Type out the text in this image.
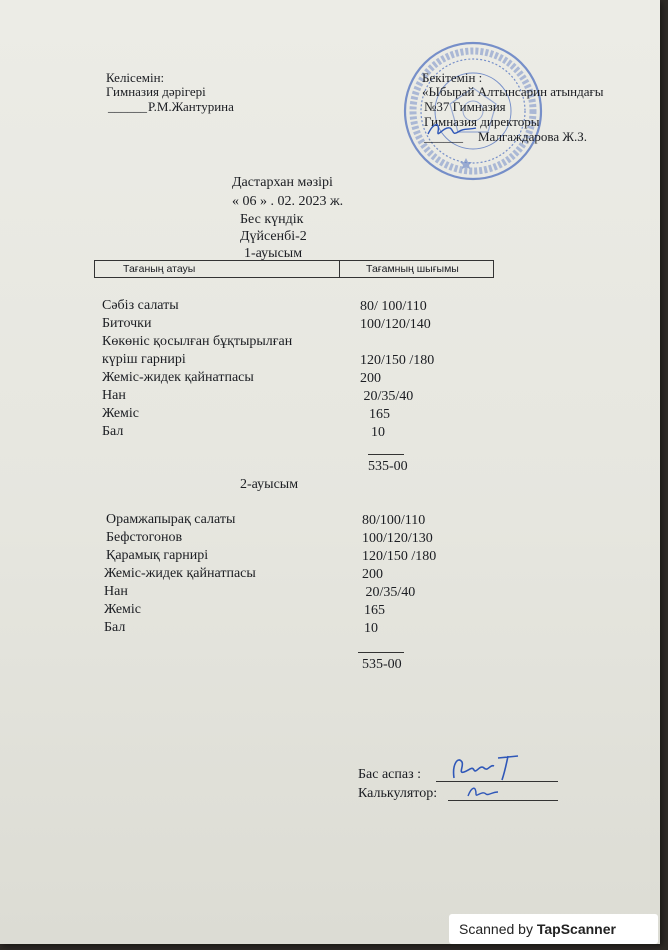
Келісемін:
Гимназия дәрігері
______ Р.М.Жантурина
Бекітемін :
«Ыбырай Алтынсарин атындағы
№37 Гимназия
Гимназия директоры
______ Малгаждарова Ж.З.
Дастархан мәзірі
« 06 » . 02. 2023 ж.
Бес күндік
Дүйсенбі-2
1-ауысым
Тағаның атауы	Тағамның шығымы
Сәбіз салаты	80/ 100/110
Биточки	100/120/140
Көкөніс қосылған бұқтырылған
күріш гарнирі	120/150 /180
Жеміс-жидек қайнатпасы	200
Нан	20/35/40
Жеміс	165
Бал	10
535-00
2-ауысым
Орамжапырақ салаты	80/100/110
Бефстогонов	100/120/130
Қарамық гарнирі	120/150 /180
Жеміс-жидек қайнатпасы	200
Нан	20/35/40
Жеміс	165
Бал	10
535-00
Бас аспаз :
Калькулятор:
Scanned by TapScanner
